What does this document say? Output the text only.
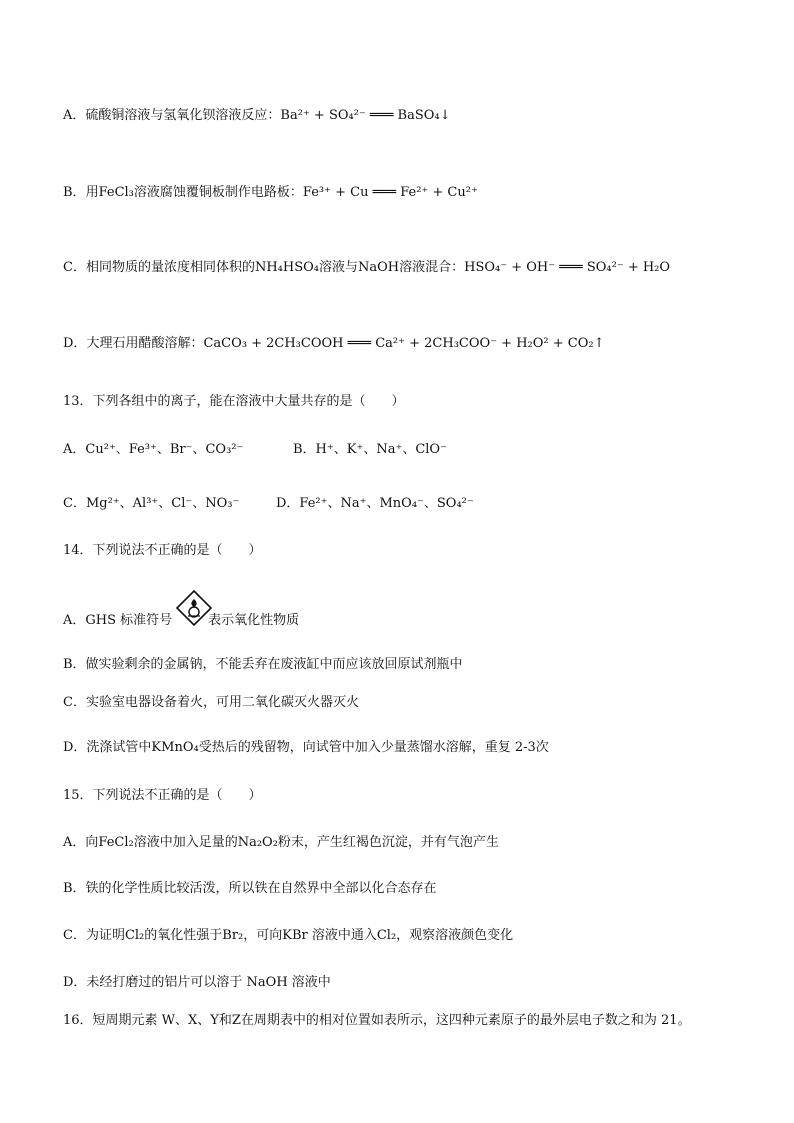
A．硫酸铜溶液与氢氧化钡溶液反应：Ba²⁺ + SO₄²⁻ ═══ BaSO₄↓
B．用FeCl₃溶液腐蚀覆铜板制作电路板：Fe³⁺ + Cu ═══ Fe²⁺ + Cu²⁺
C．相同物质的量浓度相同体积的NH₄HSO₄溶液与NaOH溶液混合：HSO₄⁻ + OH⁻ ═══ SO₄²⁻ + H₂O
D．大理石用醋酸溶解：CaCO₃ + 2CH₃COOH ═══ Ca²⁺ + 2CH₃COO⁻ + H₂O² + CO₂↑
13．下列各组中的离子，能在溶液中大量共存的是（　　）
A．Cu²⁺、Fe³⁺、Br⁻、CO₃²⁻	B．H⁺、K⁺、Na⁺、ClO⁻
C．Mg²⁺、Al³⁺、Cl⁻、NO₃⁻	D．Fe²⁺、Na⁺、MnO₄⁻、SO₄²⁻
14．下列说法不正确的是（　　）
A．GHS 标准符号	表示氧化性物质
B．做实验剩余的金属钠，不能丢弃在废液缸中而应该放回原试剂瓶中
C．实验室电器设备着火，可用二氧化碳灭火器灭火
D．洗涤试管中KMnO₄受热后的残留物，向试管中加入少量蒸馏水溶解，重复 2-3次
15．下列说法不正确的是（　　）
A．向FeCl₂溶液中加入足量的Na₂O₂粉末，产生红褐色沉淀，并有气泡产生
B．铁的化学性质比较活泼，所以铁在自然界中全部以化合态存在
C．为证明Cl₂的氧化性强于Br₂，可向KBr 溶液中通入Cl₂，观察溶液颜色变化
D．未经打磨过的铝片可以溶于 NaOH 溶液中
16．短周期元素 W、X、Y和Z在周期表中的相对位置如表所示，这四种元素原子的最外层电子数之和为 21。
